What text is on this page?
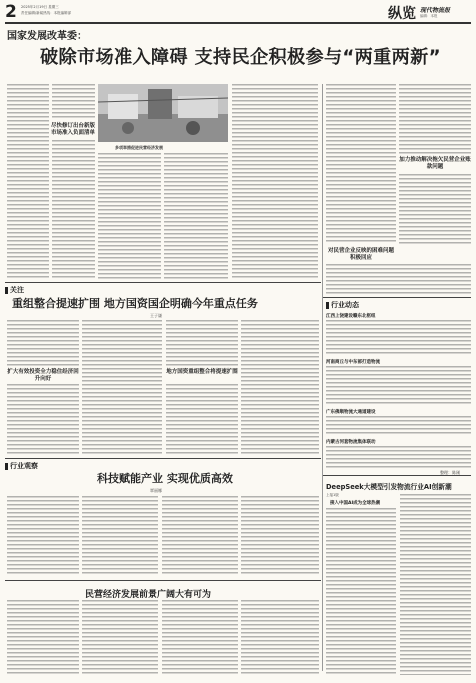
2 2025年2月19日 星期三
责任编辑/新闻热线：本报编辑部	纵览 现代物流报
编辑：本报
国家发展改革委：
破除市场准入障碍 支持民企积极参与“两重两新”
尽快修订出台新版市场准入负面清单
多项举措促进民营经济发展
加力推动解决拖欠民营企业账款问题
关注
重组整合提速扩围 地方国资国企明确今年重点任务
王子谦
扩大有效投资全力稳住经济回升向好
地方国资重组整合将提速扩围
对民营企业反映的困难问题积极回应
行业动态
江西上饶建设赣东北枢纽
河南商丘与中东部打造物流
广东佛顺物流大通道建设
内蒙古河套物流集体联动
整理：陈刚
行业观察
科技赋能产业 实现优质高效
覃丽娜
民营经济发展前景广阔大有可为
DeepSeek大模型引发物流行业AI创新潮
上接1版
接入中国AI成为全球热潮
